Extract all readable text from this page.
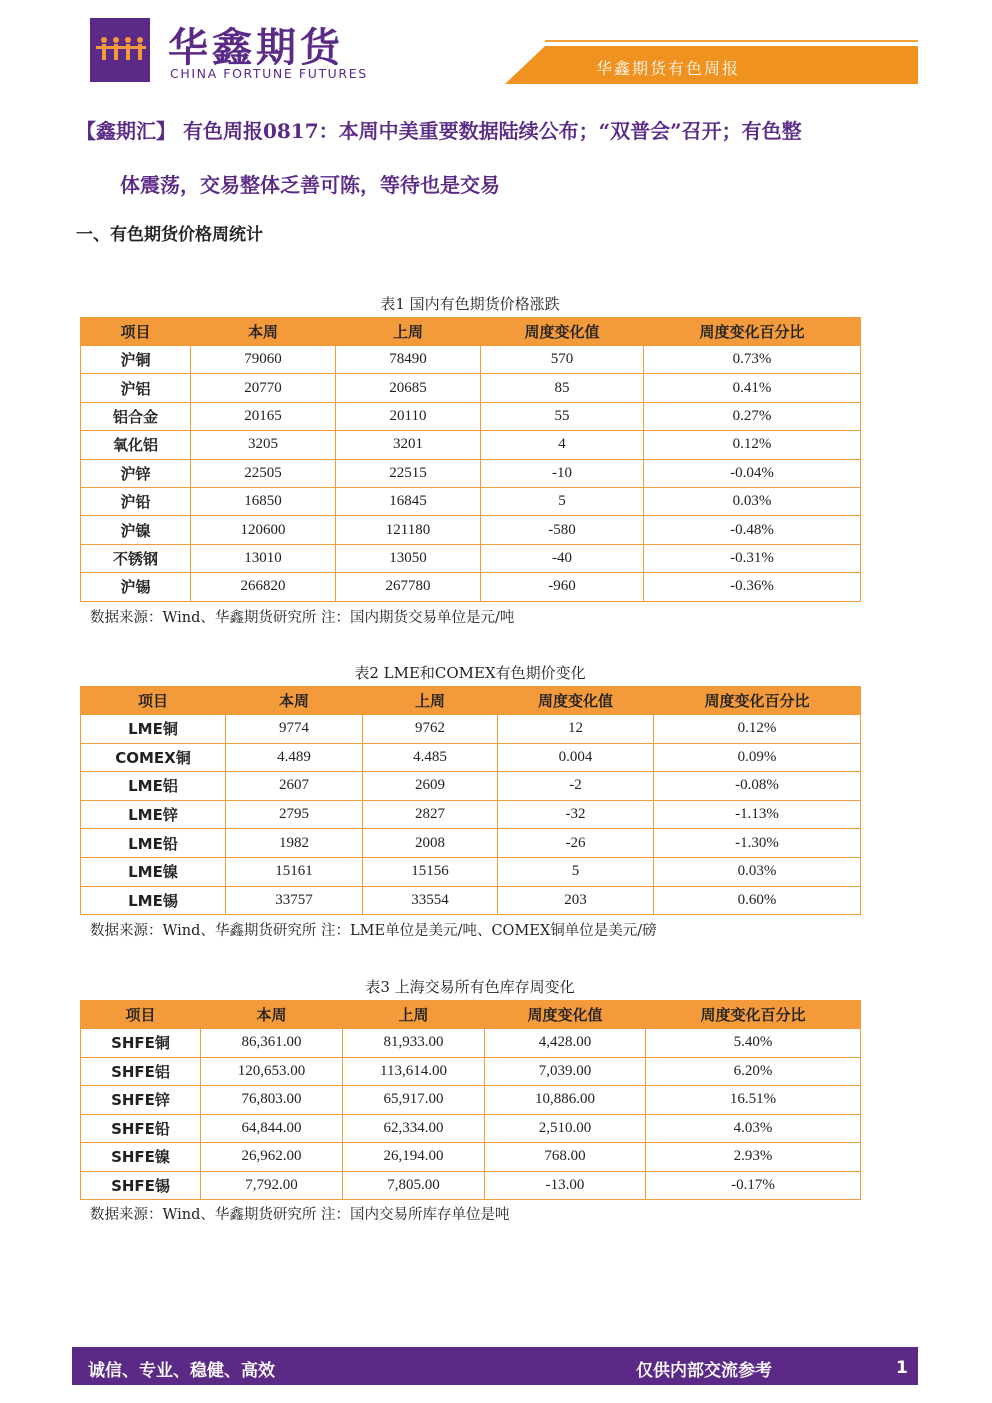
华鑫期货
CHINA FORTUNE FUTURES	华鑫期货有色周报
【鑫期汇】 有色周报0817：本周中美重要数据陆续公布；“双普会”召开；有色整
体震荡，交易整体乏善可陈，等待也是交易
一、有色期货价格周统计
表1 国内有色期货价格涨跌
项目	本周	上周	周度变化值	周度变化百分比
沪铜	79060	78490	570	0.73%
沪铝	20770	20685	85	0.41%
铝合金	20165	20110	55	0.27%
氧化铝	3205	3201	4	0.12%
沪锌	22505	22515	-10	-0.04%
沪铅	16850	16845	5	0.03%
沪镍	120600	121180	-580	-0.48%
不锈钢	13010	13050	-40	-0.31%
沪锡	266820	267780	-960	-0.36%
数据来源：Wind、华鑫期货研究所 注：国内期货交易单位是元/吨
表2 LME和COMEX有色期价变化
项目	本周	上周	周度变化值	周度变化百分比
LME铜	9774	9762	12	0.12%
COMEX铜	4.489	4.485	0.004	0.09%
LME铝	2607	2609	-2	-0.08%
LME锌	2795	2827	-32	-1.13%
LME铅	1982	2008	-26	-1.30%
LME镍	15161	15156	5	0.03%
LME锡	33757	33554	203	0.60%
数据来源：Wind、华鑫期货研究所 注：LME单位是美元/吨、COMEX铜单位是美元/磅
表3 上海交易所有色库存周变化
项目	本周	上周	周度变化值	周度变化百分比
SHFE铜	86,361.00	81,933.00	4,428.00	5.40%
SHFE铝	120,653.00	113,614.00	7,039.00	6.20%
SHFE锌	76,803.00	65,917.00	10,886.00	16.51%
SHFE铅	64,844.00	62,334.00	2,510.00	4.03%
SHFE镍	26,962.00	26,194.00	768.00	2.93%
SHFE锡	7,792.00	7,805.00	-13.00	-0.17%
数据来源：Wind、华鑫期货研究所 注：国内交易所库存单位是吨
诚信、专业、稳健、高效	仅供内部交流参考	1
